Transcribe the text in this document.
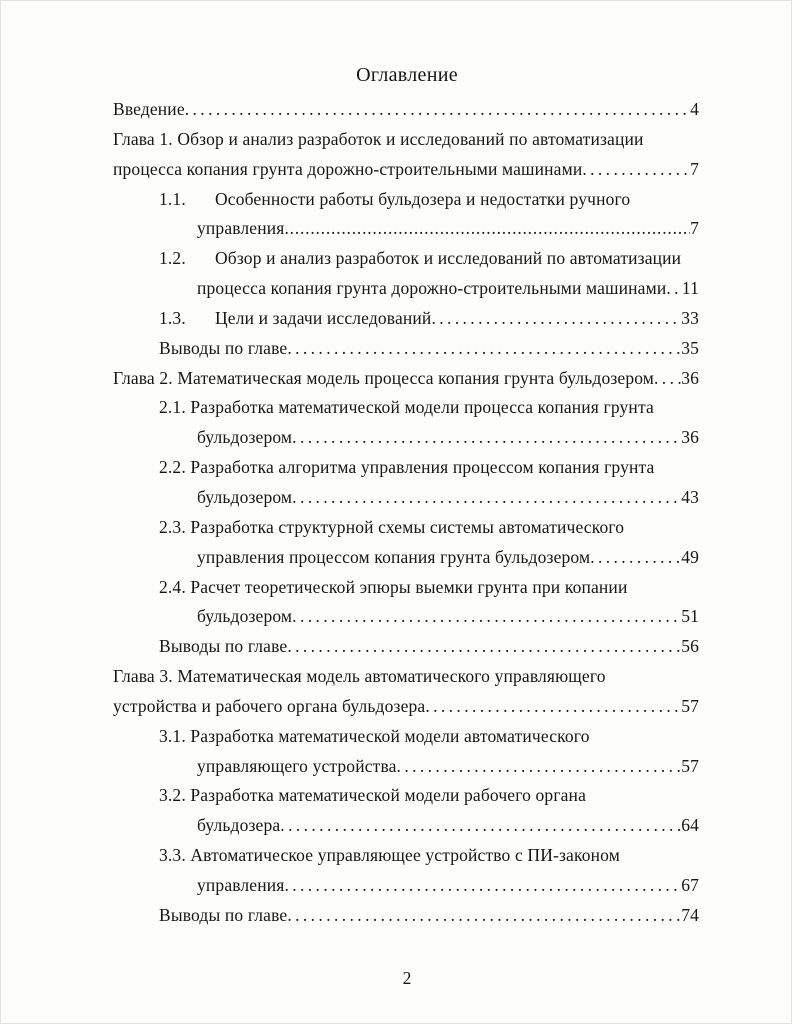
Оглавление
Введение .....	4
Глава 1. Обзор и анализ разработок и исследований по автоматизации
процесса копания грунта дорожно-строительными машинами .....	7
1.1.	Особенности работы бульдозера и недостатки ручного
управления .....	7
1.2.	Обзор и анализ разработок и исследований по автоматизации
процесса копания грунта дорожно-строительными машинами ..... 11
1.3.	Цели и задачи исследований .....	33
Выводы по главе .....	35
Глава 2. Математическая модель процесса копания грунта бульдозером ..... 36
2.1. Разработка математической модели процесса копания грунта
бульдозером .....	36
2.2. Разработка алгоритма управления процессом копания грунта
бульдозером .....	43
2.3. Разработка структурной схемы системы автоматического
управления процессом копания грунта бульдозером .....	49
2.4. Расчет теоретической эпюры выемки грунта при копании
бульдозером .....	51
Выводы по главе .....	56
Глава 3. Математическая модель автоматического управляющего
устройства и рабочего органа бульдозера .....	57
3.1. Разработка математической модели автоматического
управляющего устройства .....	57
3.2. Разработка математической модели рабочего органа
бульдозера .....	64
3.3. Автоматическое управляющее устройство с ПИ-законом
управления .....	67
Выводы по главе .....	74
2
